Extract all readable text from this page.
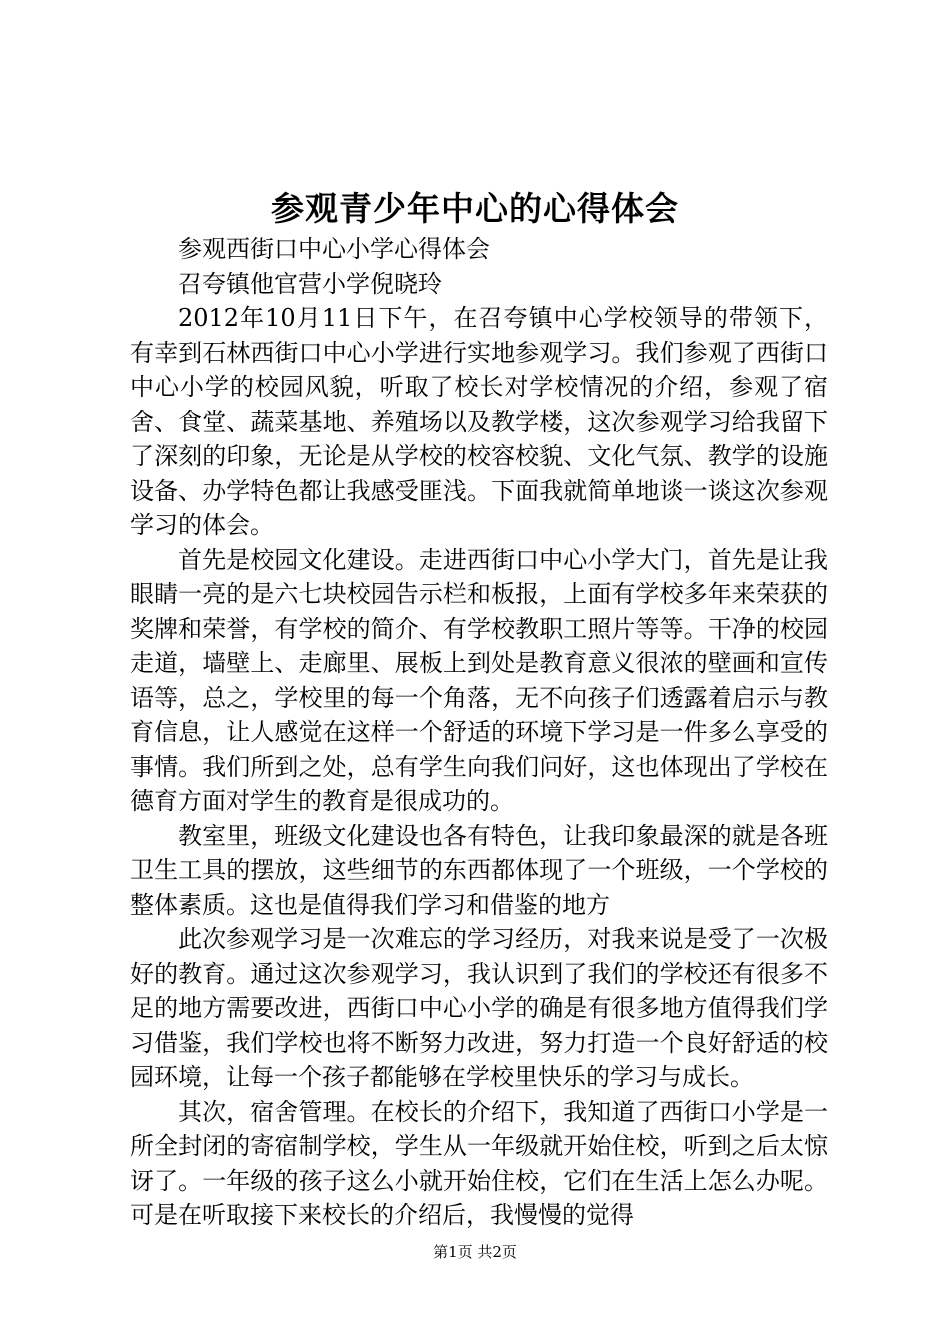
参观青少年中心的心得体会

参观西街口中心小学心得体会

召夸镇他官营小学倪晓玲

2012年10月11日下午，在召夸镇中心学校领导的带领下，有幸到石林西街口中心小学进行实地参观学习。我们参观了西街口中心小学的校园风貌，听取了校长对学校情况的介绍，参观了宿舍、食堂、蔬菜基地、养殖场以及教学楼，这次参观学习给我留下了深刻的印象，无论是从学校的校容校貌、文化气氛、教学的设施设备、办学特色都让我感受匪浅。下面我就简单地谈一谈这次参观学习的体会。

首先是校园文化建设。走进西街口中心小学大门，首先是让我眼睛一亮的是六七块校园告示栏和板报，上面有学校多年来荣获的奖牌和荣誉，有学校的简介、有学校教职工照片等等。干净的校园走道，墙壁上、走廊里、展板上到处是教育意义很浓的壁画和宣传语等，总之，学校里的每一个角落，无不向孩子们透露着启示与教育信息，让人感觉在这样一个舒适的环境下学习是一件多么享受的事情。我们所到之处，总有学生向我们问好，这也体现出了学校在德育方面对学生的教育是很成功的。

教室里，班级文化建设也各有特色，让我印象最深的就是各班卫生工具的摆放，这些细节的东西都体现了一个班级，一个学校的整体素质。这也是值得我们学习和借鉴的地方

此次参观学习是一次难忘的学习经历，对我来说是受了一次极好的教育。通过这次参观学习，我认识到了我们的学校还有很多不足的地方需要改进，西街口中心小学的确是有很多地方值得我们学习借鉴，我们学校也将不断努力改进，努力打造一个良好舒适的校园环境，让每一个孩子都能够在学校里快乐的学习与成长。

其次，宿舍管理。在校长的介绍下，我知道了西街口小学是一所全封闭的寄宿制学校，学生从一年级就开始住校，听到之后太惊讶了。一年级的孩子这么小就开始住校，它们在生活上怎么办呢。可是在听取接下来校长的介绍后，我慢慢的觉得

第1页 共2页
